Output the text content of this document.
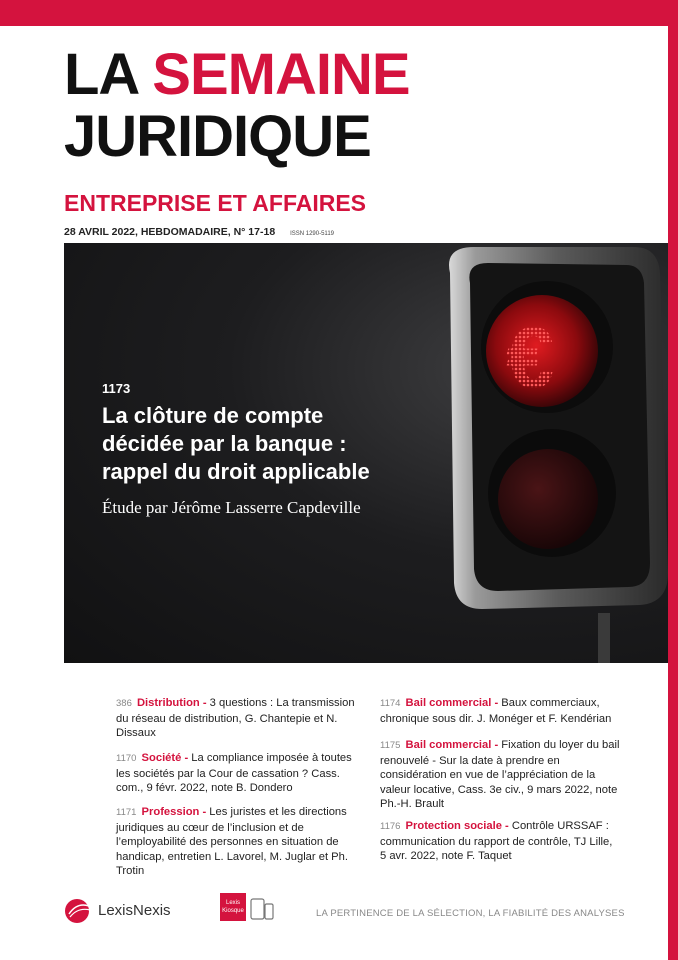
LA SEMAINE
JURIDIQUE
ENTREPRISE ET AFFAIRES
28 AVRIL 2022, HEBDOMADAIRE, N° 17-18 ISSN 1290-5119
€
1173
La clôture de compte
décidée par la banque :
rappel du droit applicable
Étude par Jérôme Lasserre Capdeville
386 Distribution - 3 questions : La transmission du réseau de distribution, G. Chantepie et N. Dissaux
1170 Société - La compliance imposée à toutes les sociétés par la Cour de cassation ? Cass. com., 9 févr. 2022, note B. Dondero
1171 Profession - Les juristes et les directions juridiques au cœur de l’inclusion et de l’employabilité des personnes en situation de handicap, entretien L. Lavorel, M. Juglar et Ph. Trotin
1174 Bail commercial - Baux commerciaux, chronique sous dir. J. Monéger et F. Kendérian
1175 Bail commercial - Fixation du loyer du bail renouvelé - Sur la date à prendre en considération en vue de l’appréciation de la valeur locative, Cass. 3e civ., 9 mars 2022, note Ph.-H. Brault
1176 Protection sociale - Contrôle URSSAF : communication du rapport de contrôle, TJ Lille, 5 avr. 2022, note F. Taquet
LexisNexis	Lexis
Kiosque	LA PERTINENCE DE LA SÉLECTION, LA FIABILITÉ DES ANALYSES
